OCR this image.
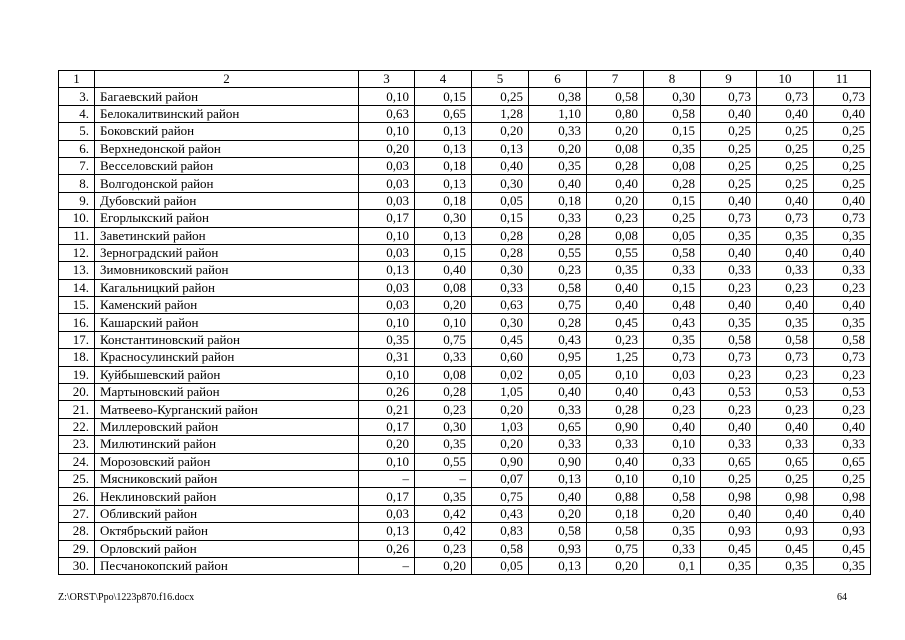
1	2	3	4	5	6	7	8	9	10	11
3.	Багаевский район	0,10	0,15	0,25	0,38	0,58	0,30	0,73	0,73	0,73
4.	Белокалитвинский район	0,63	0,65	1,28	1,10	0,80	0,58	0,40	0,40	0,40
5.	Боковский район	0,10	0,13	0,20	0,33	0,20	0,15	0,25	0,25	0,25
6.	Верхнедонской район	0,20	0,13	0,13	0,20	0,08	0,35	0,25	0,25	0,25
7.	Весселовский район	0,03	0,18	0,40	0,35	0,28	0,08	0,25	0,25	0,25
8.	Волгодонской район	0,03	0,13	0,30	0,40	0,40	0,28	0,25	0,25	0,25
9.	Дубовский район	0,03	0,18	0,05	0,18	0,20	0,15	0,40	0,40	0,40
10.	Егорлыкский район	0,17	0,30	0,15	0,33	0,23	0,25	0,73	0,73	0,73
11.	Заветинский район	0,10	0,13	0,28	0,28	0,08	0,05	0,35	0,35	0,35
12.	Зерноградский район	0,03	0,15	0,28	0,55	0,55	0,58	0,40	0,40	0,40
13.	Зимовниковский район	0,13	0,40	0,30	0,23	0,35	0,33	0,33	0,33	0,33
14.	Кагальницкий район	0,03	0,08	0,33	0,58	0,40	0,15	0,23	0,23	0,23
15.	Каменский район	0,03	0,20	0,63	0,75	0,40	0,48	0,40	0,40	0,40
16.	Кашарский район	0,10	0,10	0,30	0,28	0,45	0,43	0,35	0,35	0,35
17.	Константиновский район	0,35	0,75	0,45	0,43	0,23	0,35	0,58	0,58	0,58
18.	Красносулинский район	0,31	0,33	0,60	0,95	1,25	0,73	0,73	0,73	0,73
19.	Куйбышевский район	0,10	0,08	0,02	0,05	0,10	0,03	0,23	0,23	0,23
20.	Мартыновский район	0,26	0,28	1,05	0,40	0,40	0,43	0,53	0,53	0,53
21.	Матвеево-Курганский район	0,21	0,23	0,20	0,33	0,28	0,23	0,23	0,23	0,23
22.	Миллеровский район	0,17	0,30	1,03	0,65	0,90	0,40	0,40	0,40	0,40
23.	Милютинский район	0,20	0,35	0,20	0,33	0,33	0,10	0,33	0,33	0,33
24.	Морозовский район	0,10	0,55	0,90	0,90	0,40	0,33	0,65	0,65	0,65
25.	Мясниковский район	–	–	0,07	0,13	0,10	0,10	0,25	0,25	0,25
26.	Неклиновский район	0,17	0,35	0,75	0,40	0,88	0,58	0,98	0,98	0,98
27.	Обливский район	0,03	0,42	0,43	0,20	0,18	0,20	0,40	0,40	0,40
28.	Октябрьский район	0,13	0,42	0,83	0,58	0,58	0,35	0,93	0,93	0,93
29.	Орловский район	0,26	0,23	0,58	0,93	0,75	0,33	0,45	0,45	0,45
30.	Песчанокопский район	–	0,20	0,05	0,13	0,20	0,1	0,35	0,35	0,35
Z:\ORST\Ppo\1223p870.f16.docx	64
